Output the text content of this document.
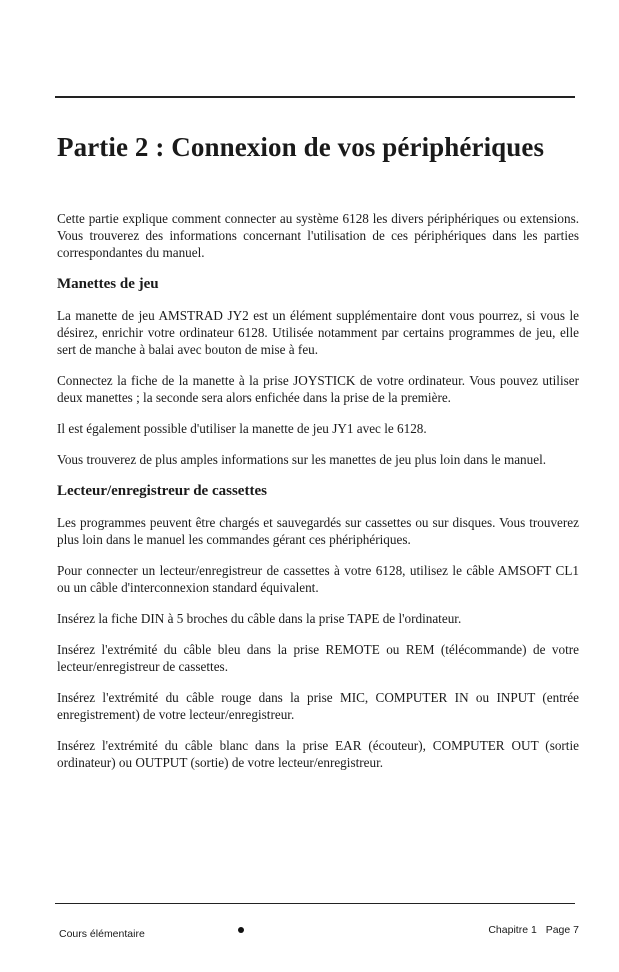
Partie 2 : Connexion de vos périphériques

Cette partie explique comment connecter au système 6128 les divers périphériques ou extensions. Vous trouverez des informations concernant l'utilisation de ces périphériques dans les parties correspondantes du manuel.

Manettes de jeu

La manette de jeu AMSTRAD JY2 est un élément supplémentaire dont vous pourrez, si vous le désirez, enrichir votre ordinateur 6128. Utilisée notamment par certains programmes de jeu, elle sert de manche à balai avec bouton de mise à feu.

Connectez la fiche de la manette à la prise JOYSTICK de votre ordinateur. Vous pouvez utiliser deux manettes ; la seconde sera alors enfichée dans la prise de la première.

Il est également possible d'utiliser la manette de jeu JY1 avec le 6128.

Vous trouverez de plus amples informations sur les manettes de jeu plus loin dans le manuel.

Lecteur/enregistreur de cassettes

Les programmes peuvent être chargés et sauvegardés sur cassettes ou sur disques. Vous trouverez plus loin dans le manuel les commandes gérant ces phériphériques.

Pour connecter un lecteur/enregistreur de cassettes à votre 6128, utilisez le câble AMSOFT CL1 ou un câble d'interconnexion standard équivalent.

Insérez la fiche DIN à 5 broches du câble dans la prise TAPE de l'ordinateur.

Insérez l'extrémité du câble bleu dans la prise REMOTE ou REM (télécommande) de votre lecteur/enregistreur de cassettes.

Insérez l'extrémité du câble rouge dans la prise MIC, COMPUTER IN ou INPUT (entrée enregistrement) de votre lecteur/enregistreur.

Insérez l'extrémité du câble blanc dans la prise EAR (écouteur), COMPUTER OUT (sortie ordinateur) ou OUTPUT (sortie) de votre lecteur/enregistreur.

Cours élémentaire	Chapitre 1 Page 7
